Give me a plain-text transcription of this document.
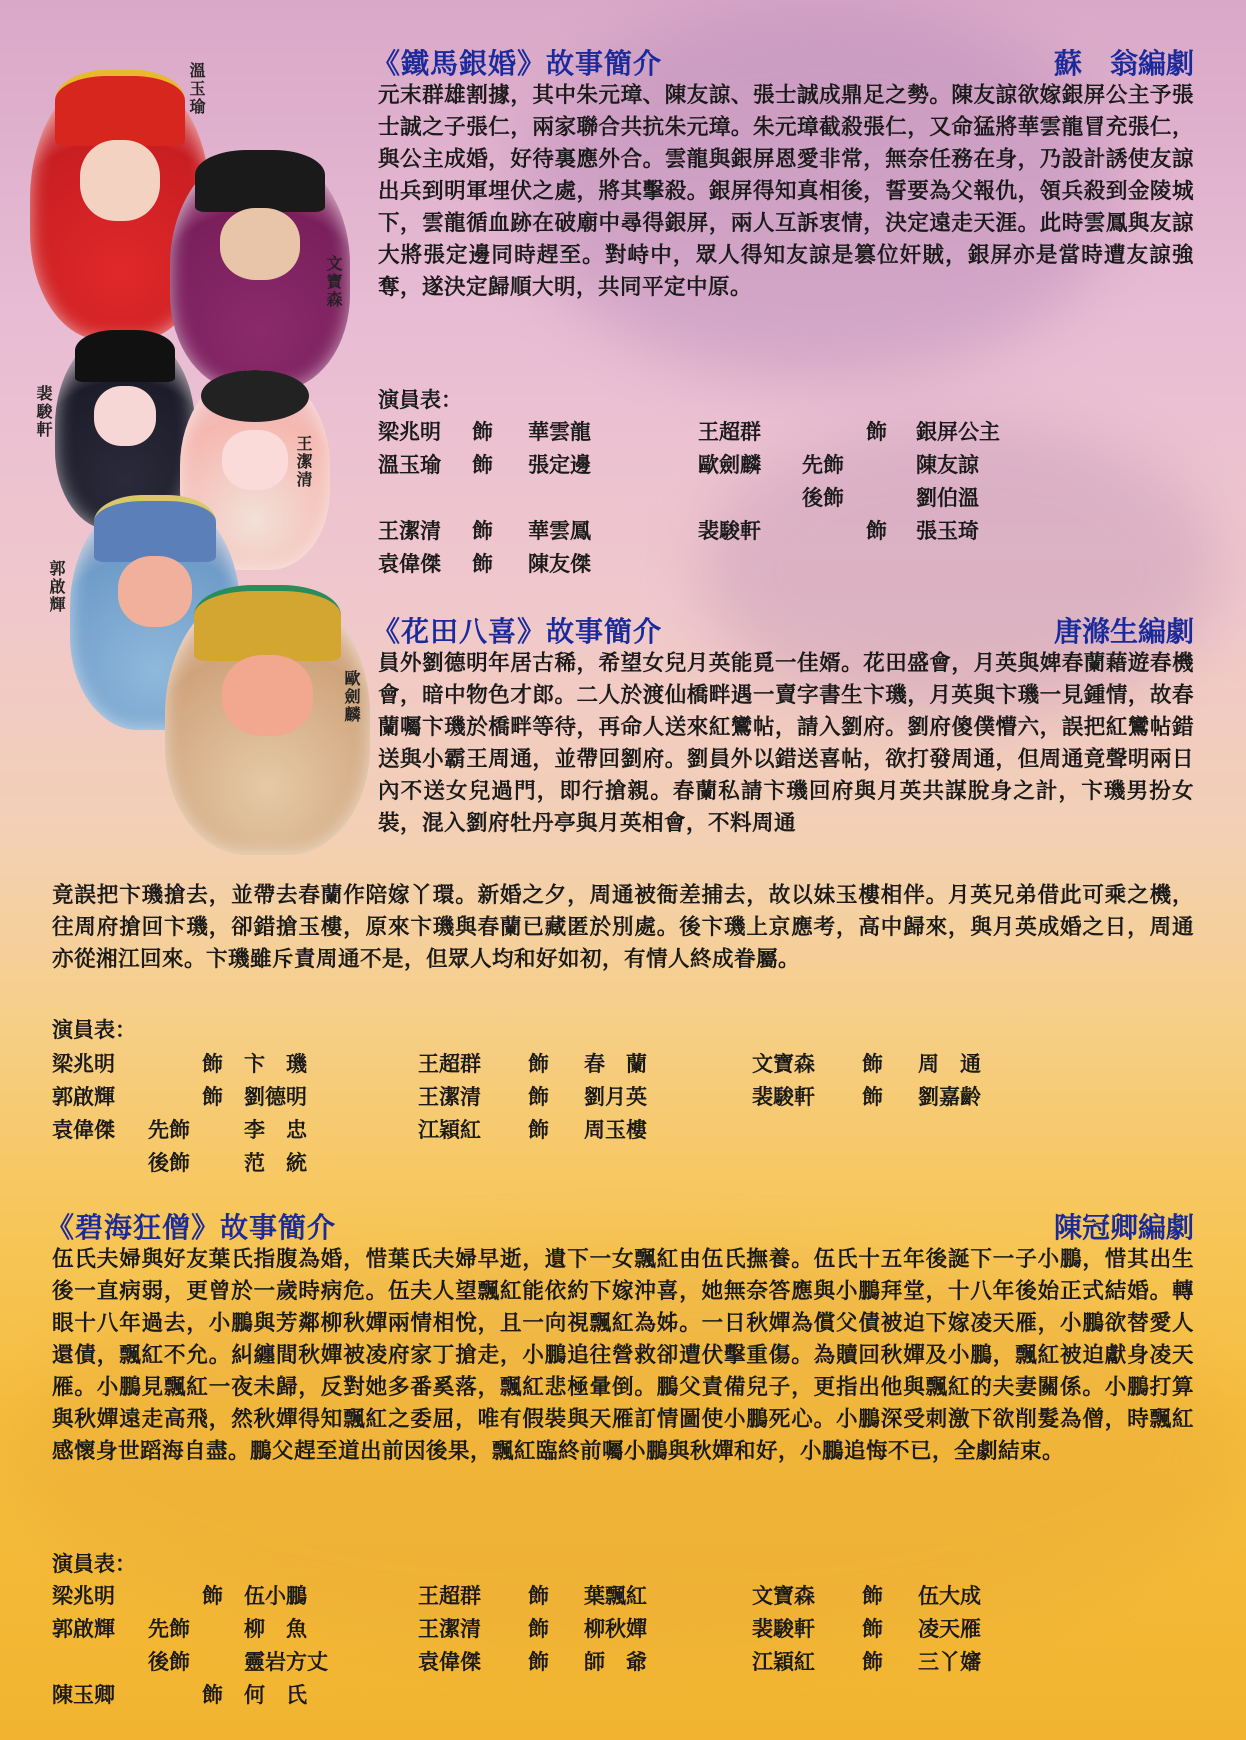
溫玉瑜
文寶森
裴駿軒
王潔清
郭啟輝
歐劍麟
《鐵馬銀婚》故事簡介	蘇　翁編劇

元末群雄割據，其中朱元璋、陳友諒、張士誠成鼎足之勢。陳友諒欲嫁銀屏公主予張士誠之子張仁，兩家聯合共抗朱元璋。朱元璋截殺張仁，又命猛將華雲龍冒充張仁，與公主成婚，好待裏應外合。雲龍與銀屏恩愛非常，無奈任務在身，乃設計誘使友諒出兵到明軍埋伏之處，將其擊殺。銀屏得知真相後，誓要為父報仇，領兵殺到金陵城下，雲龍循血跡在破廟中尋得銀屏，兩人互訴衷情，決定遠走天涯。此時雲鳳與友諒大將張定邊同時趕至。對峙中，眾人得知友諒是篡位奸賊，銀屏亦是當時遭友諒強奪，遂決定歸順大明，共同平定中原。

演員表：
梁兆明		飾	華雲龍	王超群		飾	銀屏公主
溫玉瑜		飾	張定邊	歐劍麟	先飾		陳友諒
					後飾		劉伯溫
王潔清		飾	華雲鳳	裴駿軒		飾	張玉琦
袁偉傑		飾	陳友傑				
《花田八喜》故事簡介	唐滌生編劇

員外劉德明年居古稀，希望女兒月英能覓一佳婿。花田盛會，月英與婢春蘭藉遊春機會，暗中物色才郎。二人於渡仙橋畔遇一賣字書生卞璣，月英與卞璣一見鍾情，故春蘭囑卞璣於橋畔等待，再命人送來紅鸞帖，請入劉府。劉府傻僕懵六，誤把紅鸞帖錯送與小霸王周通，並帶回劉府。劉員外以錯送喜帖，欲打發周通，但周通竟聲明兩日內不送女兒過門，即行搶親。春蘭私請卞璣回府與月英共謀脫身之計，卞璣男扮女裝，混入劉府牡丹亭與月英相會，不料周通

竟誤把卞璣搶去，並帶去春蘭作陪嫁丫環。新婚之夕，周通被衙差捕去，故以妹玉樓相伴。月英兄弟借此可乘之機，往周府搶回卞璣，卻錯搶玉樓，原來卞璣與春蘭已藏匿於別處。後卞璣上京應考，高中歸來，與月英成婚之日，周通亦從湘江回來。卞璣雖斥責周通不是，但眾人均和好如初，有情人終成眷屬。

演員表：
梁兆明		飾	卞　璣	王超群	飾	春　蘭	文寶森	飾	周　通
郭啟輝		飾	劉德明	王潔清	飾	劉月英	裴駿軒	飾	劉嘉齡
袁偉傑	先飾		李　忠	江穎紅	飾	周玉樓			
	後飾		范　統						
《碧海狂僧》故事簡介	陳冠卿編劇

伍氏夫婦與好友葉氏指腹為婚，惜葉氏夫婦早逝，遺下一女飄紅由伍氏撫養。伍氏十五年後誕下一子小鵬，惜其出生後一直病弱，更曾於一歲時病危。伍夫人望飄紅能依約下嫁沖喜，她無奈答應與小鵬拜堂，十八年後始正式結婚。轉眼十八年過去，小鵬與芳鄰柳秋嬋兩情相悅，且一向視飄紅為姊。一日秋嬋為償父債被迫下嫁凌天雁，小鵬欲替愛人還債，飄紅不允。糾纏間秋嬋被凌府家丁搶走，小鵬追往營救卻遭伏擊重傷。為贖回秋嬋及小鵬，飄紅被迫獻身凌天雁。小鵬見飄紅一夜未歸，反對她多番奚落，飄紅悲極暈倒。鵬父責備兒子，更指出他與飄紅的夫妻關係。小鵬打算與秋嬋遠走高飛，然秋嬋得知飄紅之委屈，唯有假裝與天雁訂情圖使小鵬死心。小鵬深受刺激下欲削髮為僧，時飄紅感懷身世蹈海自盡。鵬父趕至道出前因後果，飄紅臨終前囑小鵬與秋嬋和好，小鵬追悔不已，全劇結束。

演員表：
梁兆明		飾	伍小鵬	王超群	飾	葉飄紅	文寶森	飾	伍大成
郭啟輝	先飾		柳　魚	王潔清	飾	柳秋嬋	裴駿軒	飾	凌天雁
	後飾		靈岩方丈	袁偉傑	飾	師　爺	江穎紅	飾	三丫嬸
陳玉卿		飾	何　氏						
